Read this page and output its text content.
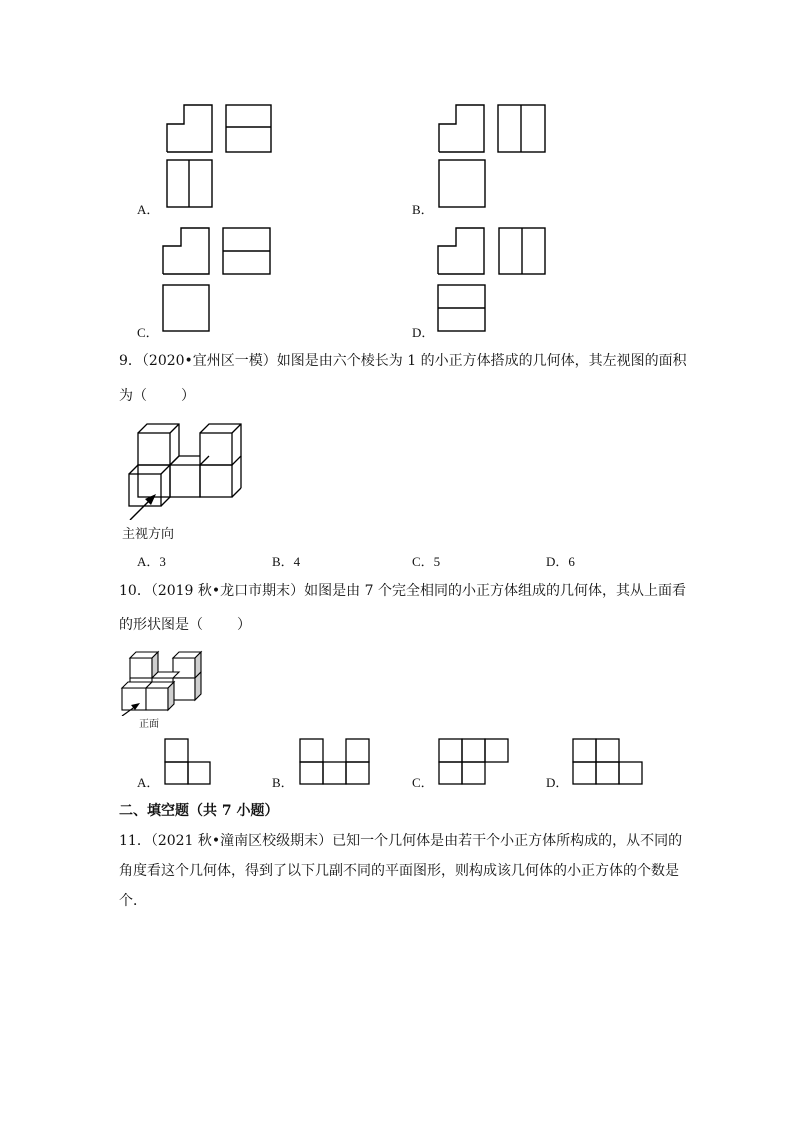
A．	B．
C．	D．
9．（2020•宜州区一模）如图是由六个棱长为 1 的小正方体搭成的几何体，其左视图的面积
为（ ）
主视方向
A．3	B．4	C．5	D．6
10．（2019 秋•龙口市期末）如图是由 7 个完全相同的小正方体组成的几何体，其从上面看
的形状图是（ ）
正面
A．	B．	C．	D．
二、填空题（共 7 小题）
11．（2021 秋•潼南区校级期末）已知一个几何体是由若干个小正方体所构成的，从不同的
角度看这个几何体，得到了以下几副不同的平面图形，则构成该几何体的小正方体的个数是
个．
